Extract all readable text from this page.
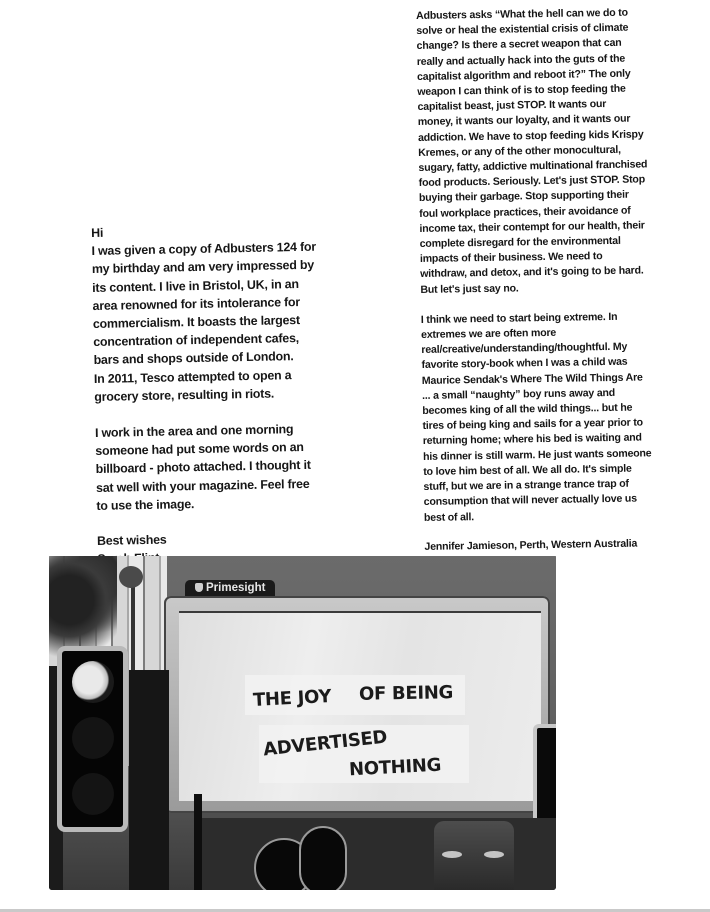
Adbusters asks “What the hell can we do to
solve or heal the existential crisis of climate
change? Is there a secret weapon that can
really and actually hack into the guts of the
capitalist algorithm and reboot it?” The only
weapon I can think of is to stop feeding the
capitalist beast, just STOP. It wants our
money, it wants our loyalty, and it wants our
addiction. We have to stop feeding kids Krispy
Kremes, or any of the other monocultural,
sugary, fatty, addictive multinational franchised
food products. Seriously. Let's just STOP. Stop
buying their garbage. Stop supporting their
foul workplace practices, their avoidance of
income tax, their contempt for our health, their
complete disregard for the environmental
impacts of their business. We need to
withdraw, and detox, and it's going to be hard.
But let's just say no.

I think we need to start being extreme. In
extremes we are often more
real/creative/understanding/thoughtful. My
favorite story-book when I was a child was
Maurice Sendak's Where The Wild Things Are
... a small “naughty” boy runs away and
becomes king of all the wild things... but he
tires of being king and sails for a year prior to
returning home; where his bed is waiting and
his dinner is still warm. He just wants someone
to love him best of all. We all do. It's simple
stuff, but we are in a strange trance trap of
consumption that will never actually love us
best of all.

Jennifer Jamieson, Perth, Western Australia

Hi

I was given a copy of Adbusters 124 for
my birthday and am very impressed by
its content. I live in Bristol, UK, in an
area renowned for its intolerance for
commercialism. It boasts the largest
concentration of independent cafes,
bars and shops outside of London.
In 2011, Tesco attempted to open a
grocery store, resulting in riots.

I work in the area and one morning
someone had put some words on an
billboard - photo attached. I thought it
sat well with your magazine. Feel free
to use the image.

Best wishes

Primesight
THE JOY OF BEING
ADVERTISED
NOTHING
